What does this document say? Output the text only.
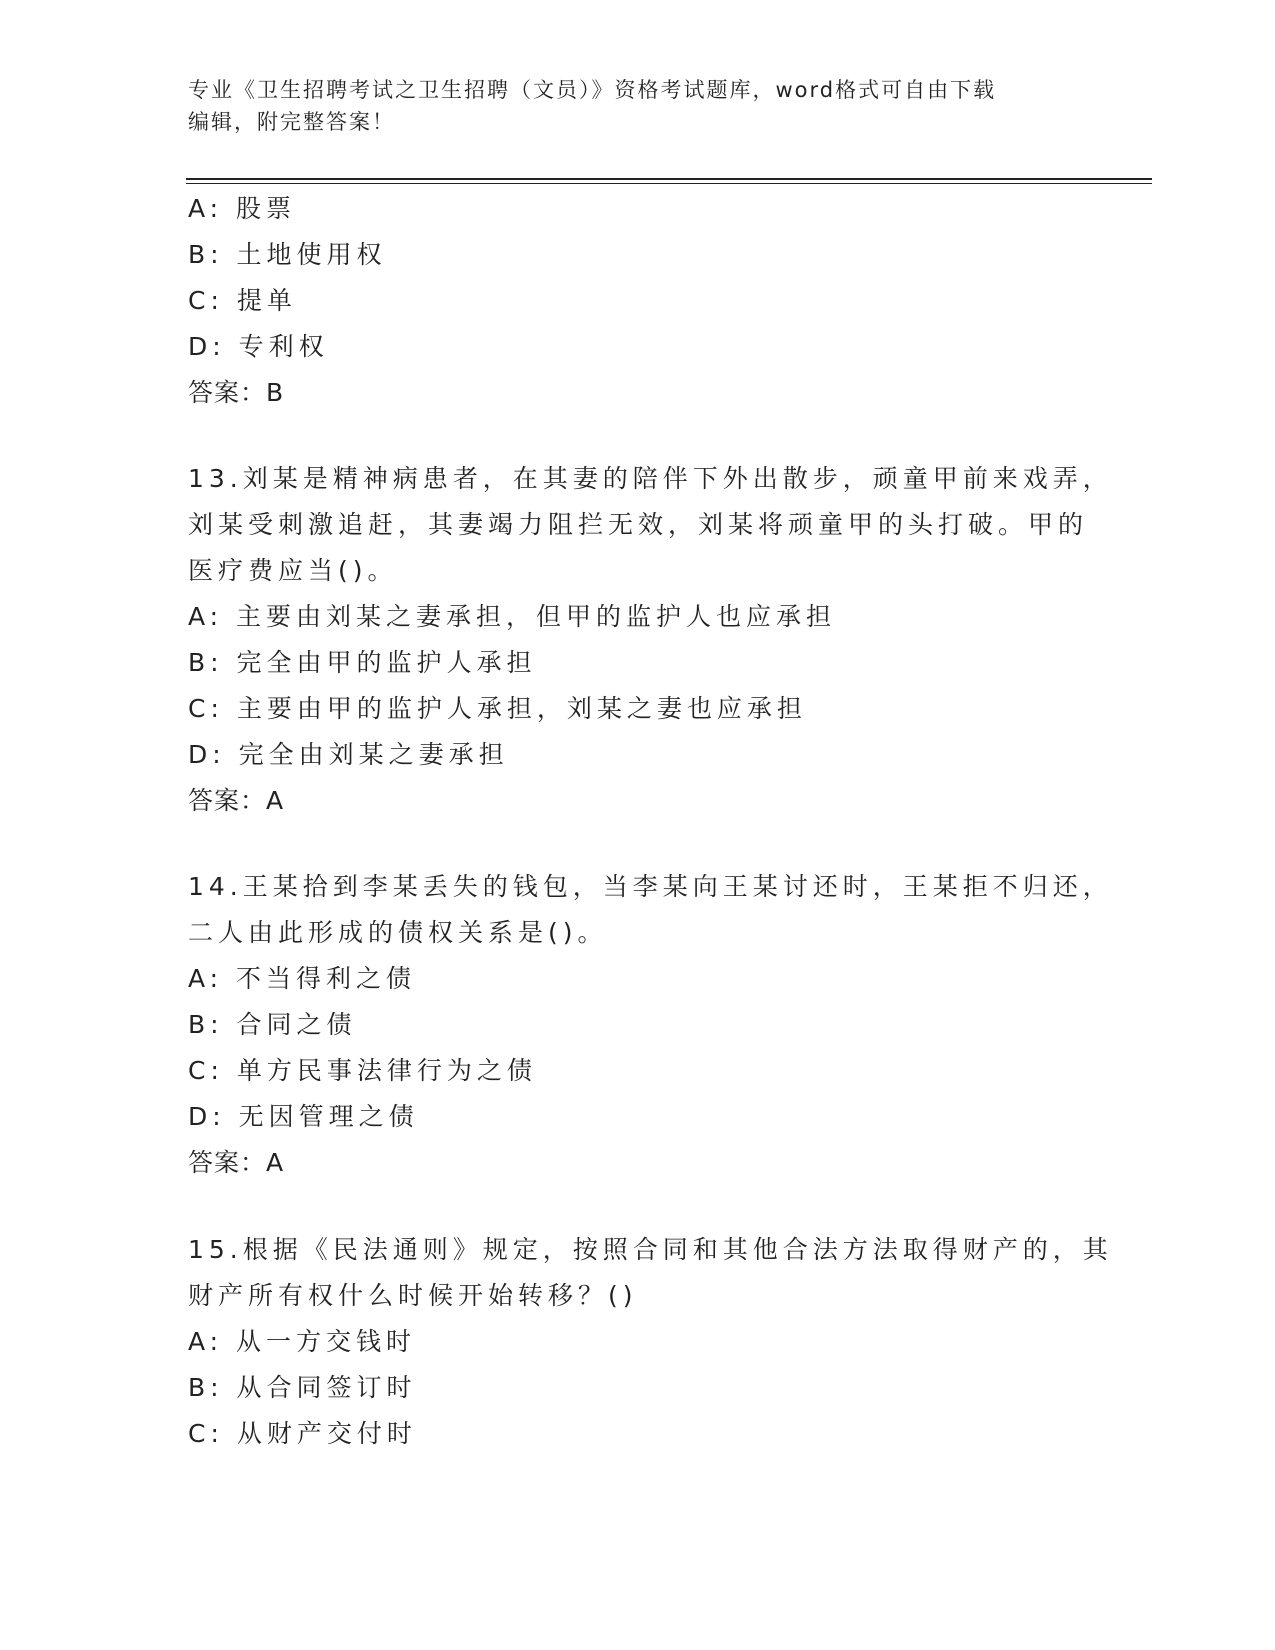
专业《卫生招聘考试之卫生招聘（文员）》资格考试题库，word格式可自由下载
编辑，附完整答案！
A: 股票
B: 土地使用权
C: 提单
D: 专利权
答案：B
13.刘某是精神病患者，在其妻的陪伴下外出散步，顽童甲前来戏弄，
刘某受刺激追赶，其妻竭力阻拦无效，刘某将顽童甲的头打破。甲的
医疗费应当()。
A: 主要由刘某之妻承担，但甲的监护人也应承担
B: 完全由甲的监护人承担
C: 主要由甲的监护人承担，刘某之妻也应承担
D: 完全由刘某之妻承担
答案：A
14.王某拾到李某丢失的钱包，当李某向王某讨还时，王某拒不归还，
二人由此形成的债权关系是()。
A: 不当得利之债
B: 合同之债
C: 单方民事法律行为之债
D: 无因管理之债
答案：A
15.根据《民法通则》规定，按照合同和其他合法方法取得财产的，其
财产所有权什么时候开始转移？()
A: 从一方交钱时
B: 从合同签订时
C: 从财产交付时
